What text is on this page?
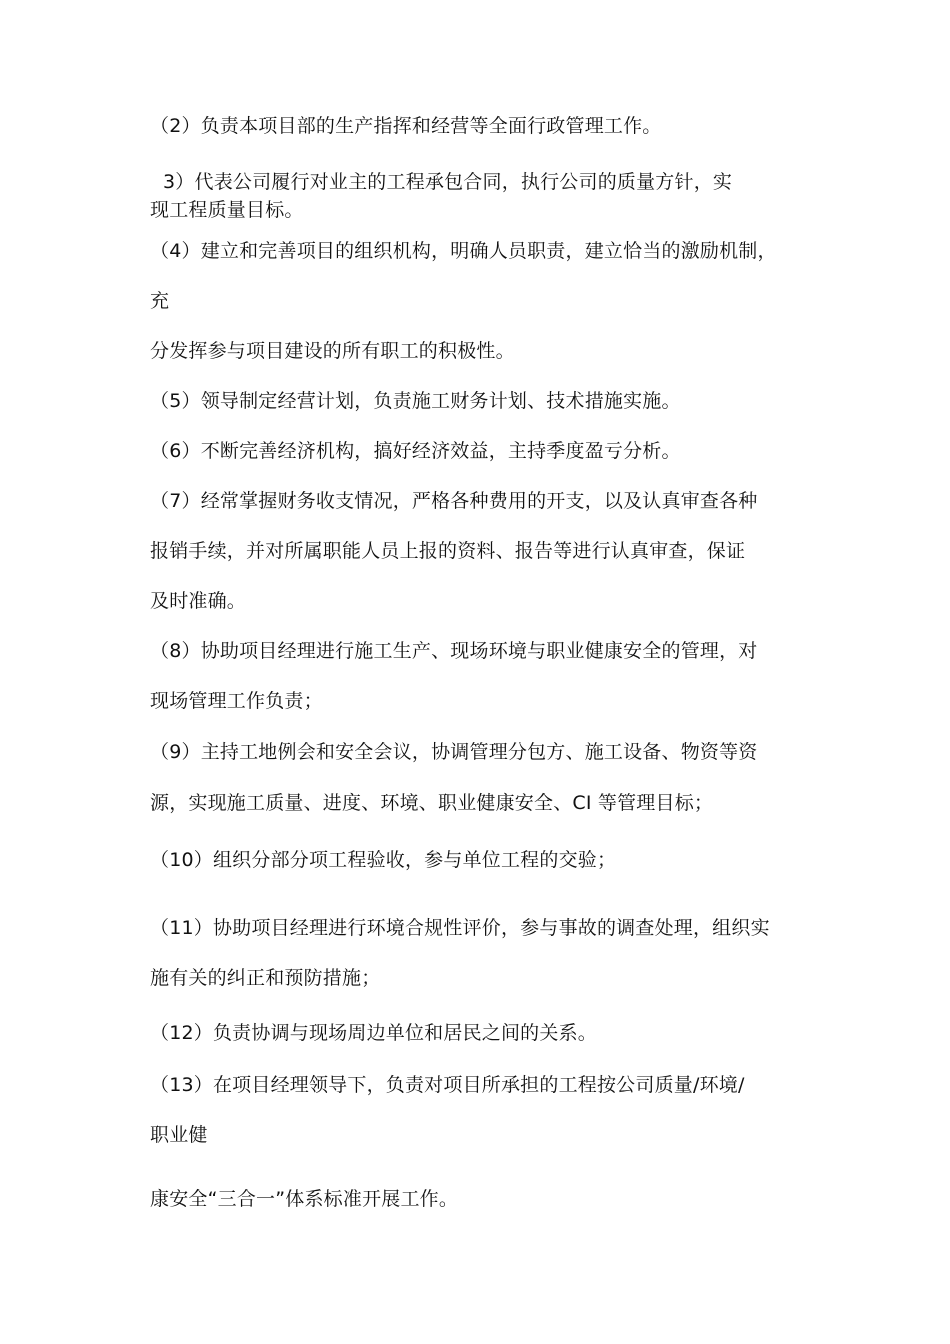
（2）负责本项目部的生产指挥和经营等全面行政管理工作。
3）代表公司履行对业主的工程承包合同，执行公司的质量方针，实
现工程质量目标。
（4）建立和完善项目的组织机构，明确人员职责，建立恰当的激励机制，
充
分发挥参与项目建设的所有职工的积极性。
（5）领导制定经营计划，负责施工财务计划、技术措施实施。
（6）不断完善经济机构，搞好经济效益，主持季度盈亏分析。
（7）经常掌握财务收支情况，严格各种费用的开支，以及认真审查各种
报销手续，并对所属职能人员上报的资料、报告等进行认真审查，保证
及时准确。
（8）协助项目经理进行施工生产、现场环境与职业健康安全的管理，对
现场管理工作负责；
（9）主持工地例会和安全会议，协调管理分包方、施工设备、物资等资
源，实现施工质量、进度、环境、职业健康安全、CI 等管理目标；
（10）组织分部分项工程验收，参与单位工程的交验；
（11）协助项目经理进行环境合规性评价，参与事故的调查处理，组织实
施有关的纠正和预防措施；
（12）负责协调与现场周边单位和居民之间的关系。
（13）在项目经理领导下，负责对项目所承担的工程按公司质量/环境/
职业健
康安全“三合一”体系标准开展工作。
